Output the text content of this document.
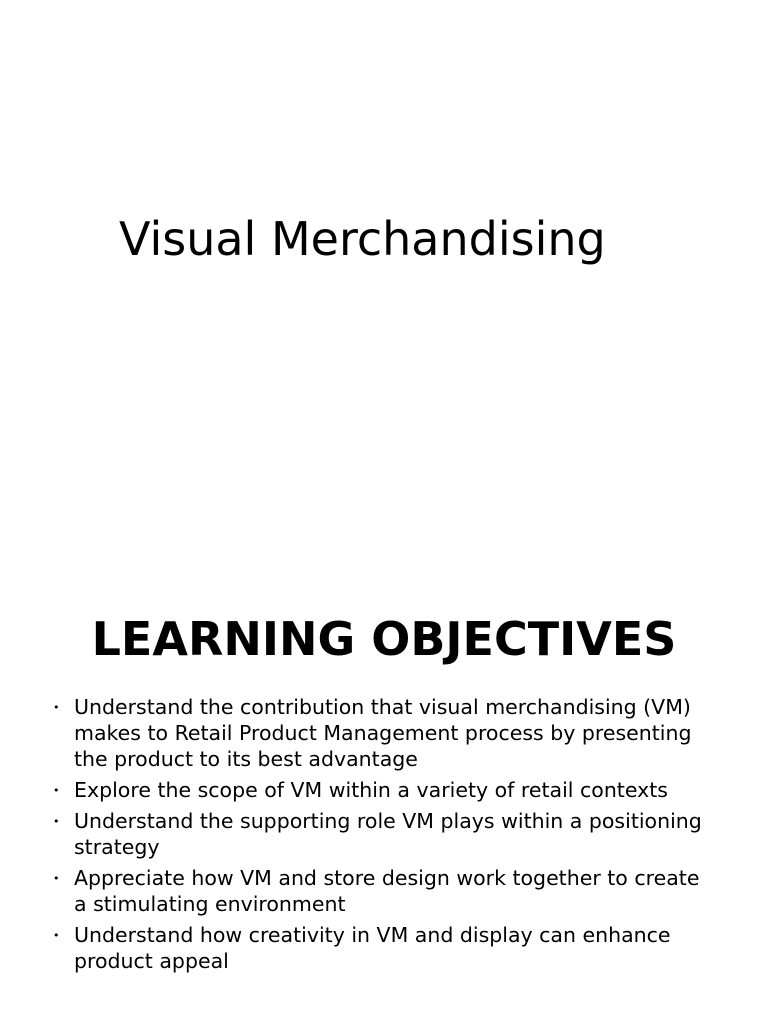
Visual Merchandising
LEARNING OBJECTIVES
• Understand the contribution that visual merchandising (VM) makes to Retail Product Management process by presenting the product to its best advantage
• Explore the scope of VM within a variety of retail contexts
• Understand the supporting role VM plays within a positioning strategy
• Appreciate how VM and store design work together to create a stimulating environment
• Understand how creativity in VM and display can enhance product appeal
